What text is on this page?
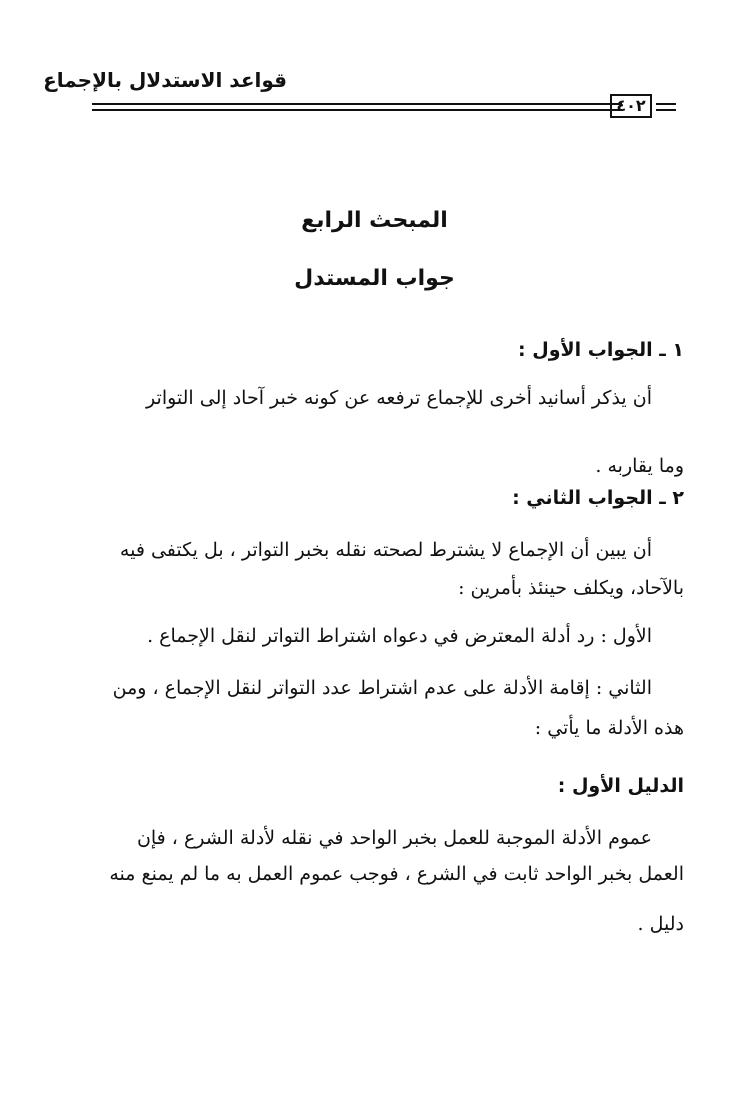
قواعد الاستدلال بالإجماع
٤٠٢
المبحث الرابع
جواب المستدل
١ ـ الجواب الأول :
أن يذكر أسانيد أخرى للإجماع ترفعه عن كونه خبر آحاد إلى التواتر
وما يقاربه .
٢ ـ الجواب الثاني :
أن يبين أن الإجماع لا يشترط لصحته نقله بخبر التواتر ، بل يكتفى فيه
بالآحاد، ويكلف حينئذ بأمرين :
الأول : رد أدلة المعترض في دعواه اشتراط التواتر لنقل الإجماع .
الثاني : إقامة الأدلة على عدم اشتراط عدد التواتر لنقل الإجماع ، ومن
هذه الأدلة ما يأتي :
الدليل الأول :
عموم الأدلة الموجبة للعمل بخبر الواحد في نقله لأدلة الشرع ، فإن
العمل بخبر الواحد ثابت في الشرع ، فوجب عموم العمل به ما لم يمنع منه
دليل .
